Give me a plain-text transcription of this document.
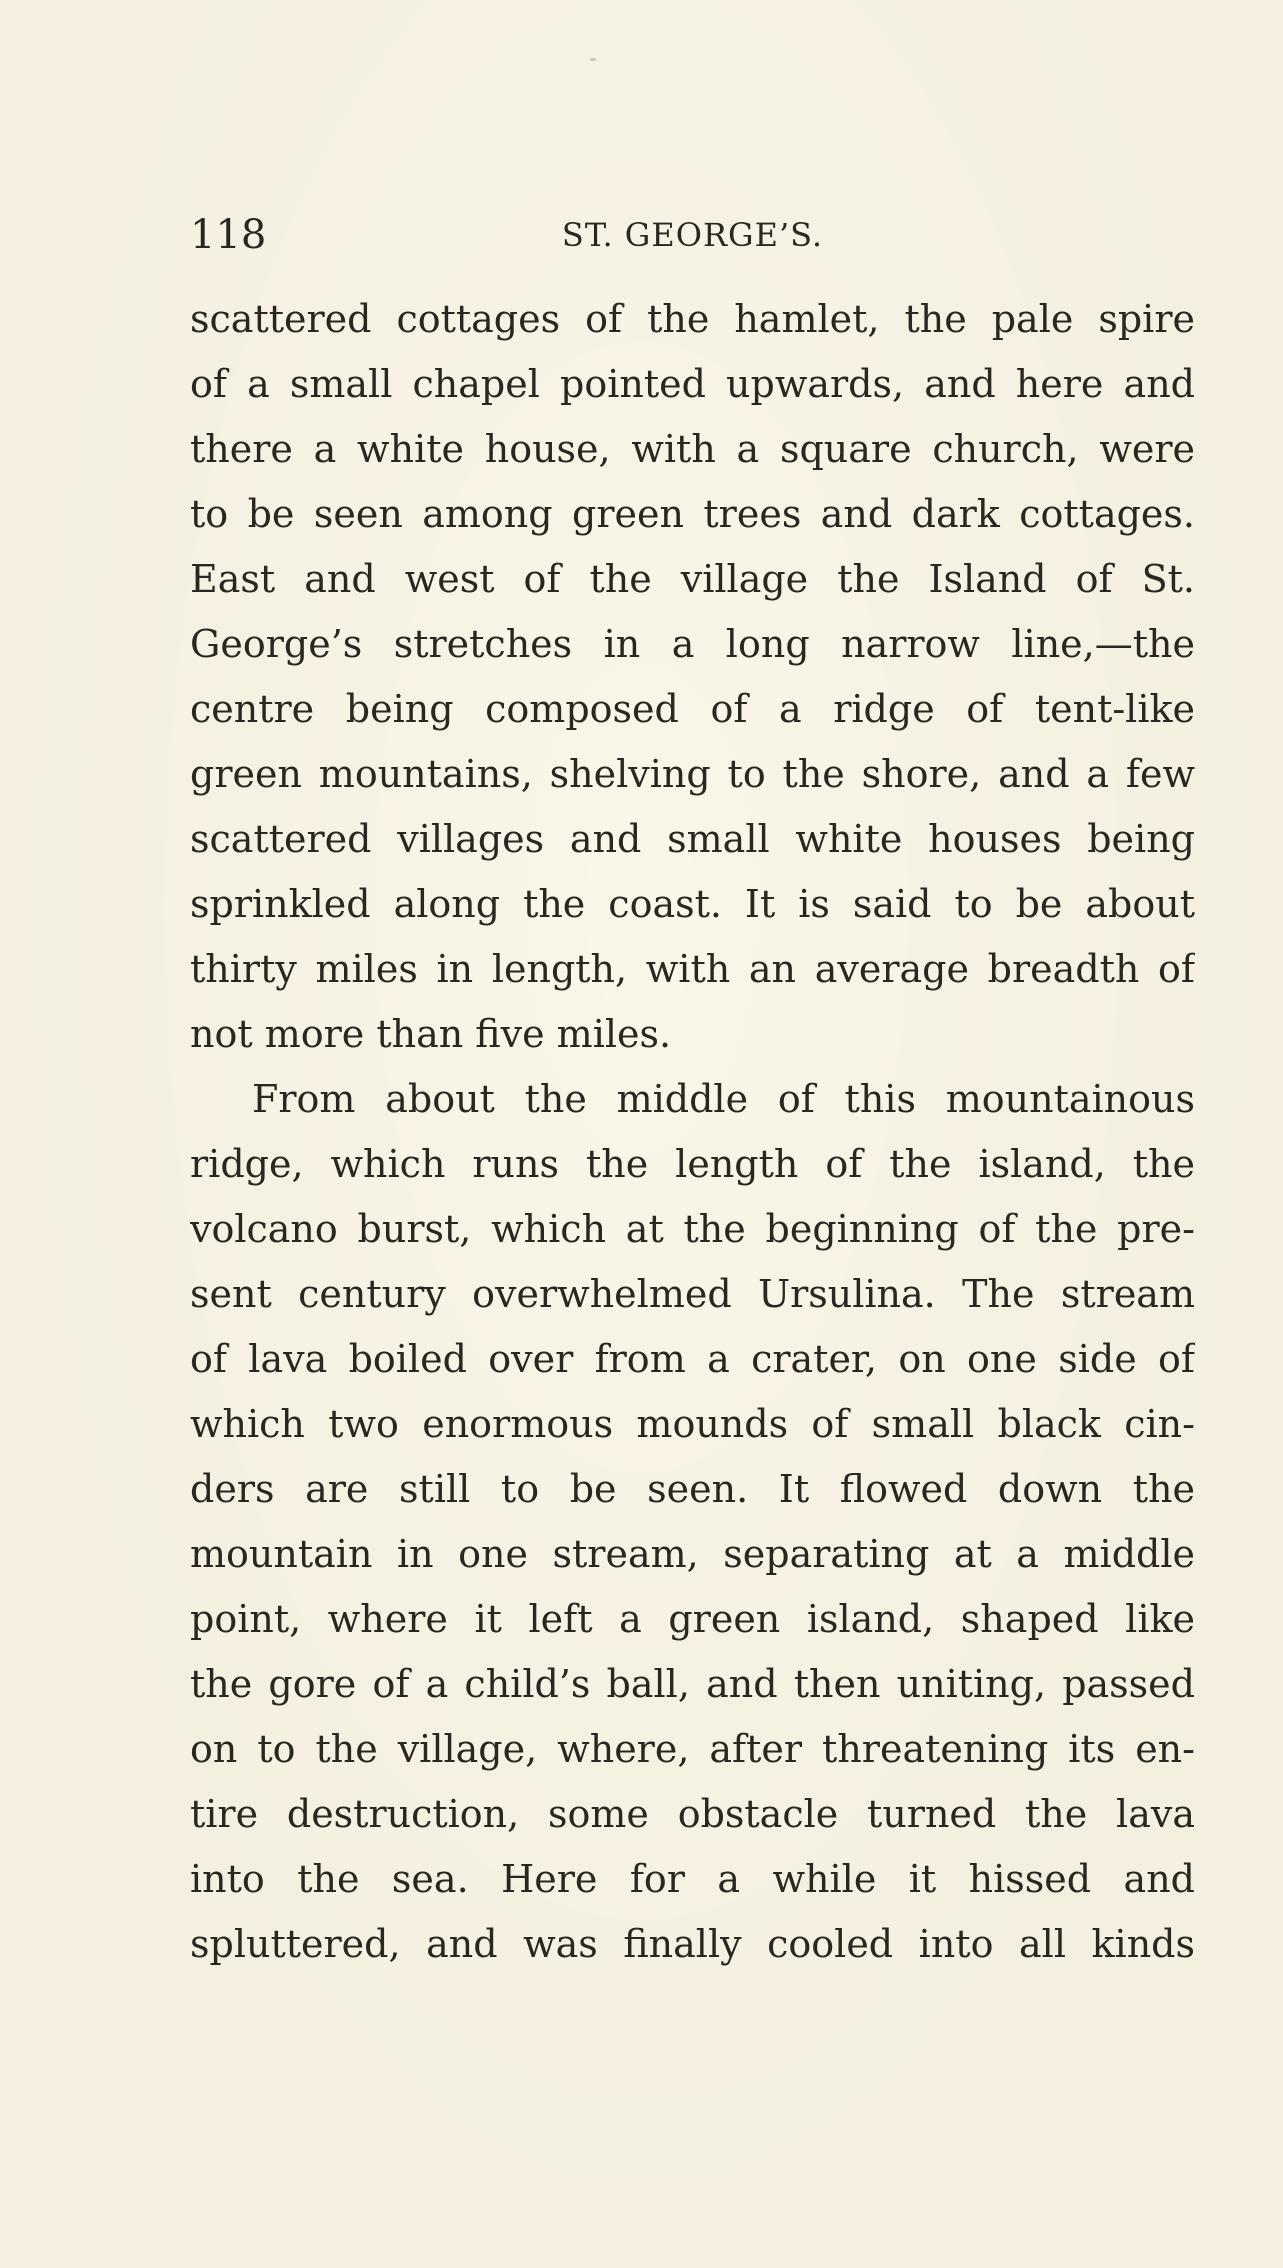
118	ST. GEORGE’S.
scattered cottages of the hamlet, the pale spire
of a small chapel pointed upwards, and here and
there a white house, with a square church, were
to be seen among green trees and dark cottages.
East and west of the village the Island of St.
George’s stretches in a long narrow line,—the
centre being composed of a ridge of tent-like
green mountains, shelving to the shore, and a few
scattered villages and small white houses being
sprinkled along the coast. It is said to be about
thirty miles in length, with an average breadth of
not more than five miles.
From about the middle of this mountainous
ridge, which runs the length of the island, the
volcano burst, which at the beginning of the pre-
sent century overwhelmed Ursulina. The stream
of lava boiled over from a crater, on one side of
which two enormous mounds of small black cin-
ders are still to be seen. It flowed down the
mountain in one stream, separating at a middle
point, where it left a green island, shaped like
the gore of a child’s ball, and then uniting, passed
on to the village, where, after threatening its en-
tire destruction, some obstacle turned the lava
into the sea. Here for a while it hissed and
spluttered, and was finally cooled into all kinds
